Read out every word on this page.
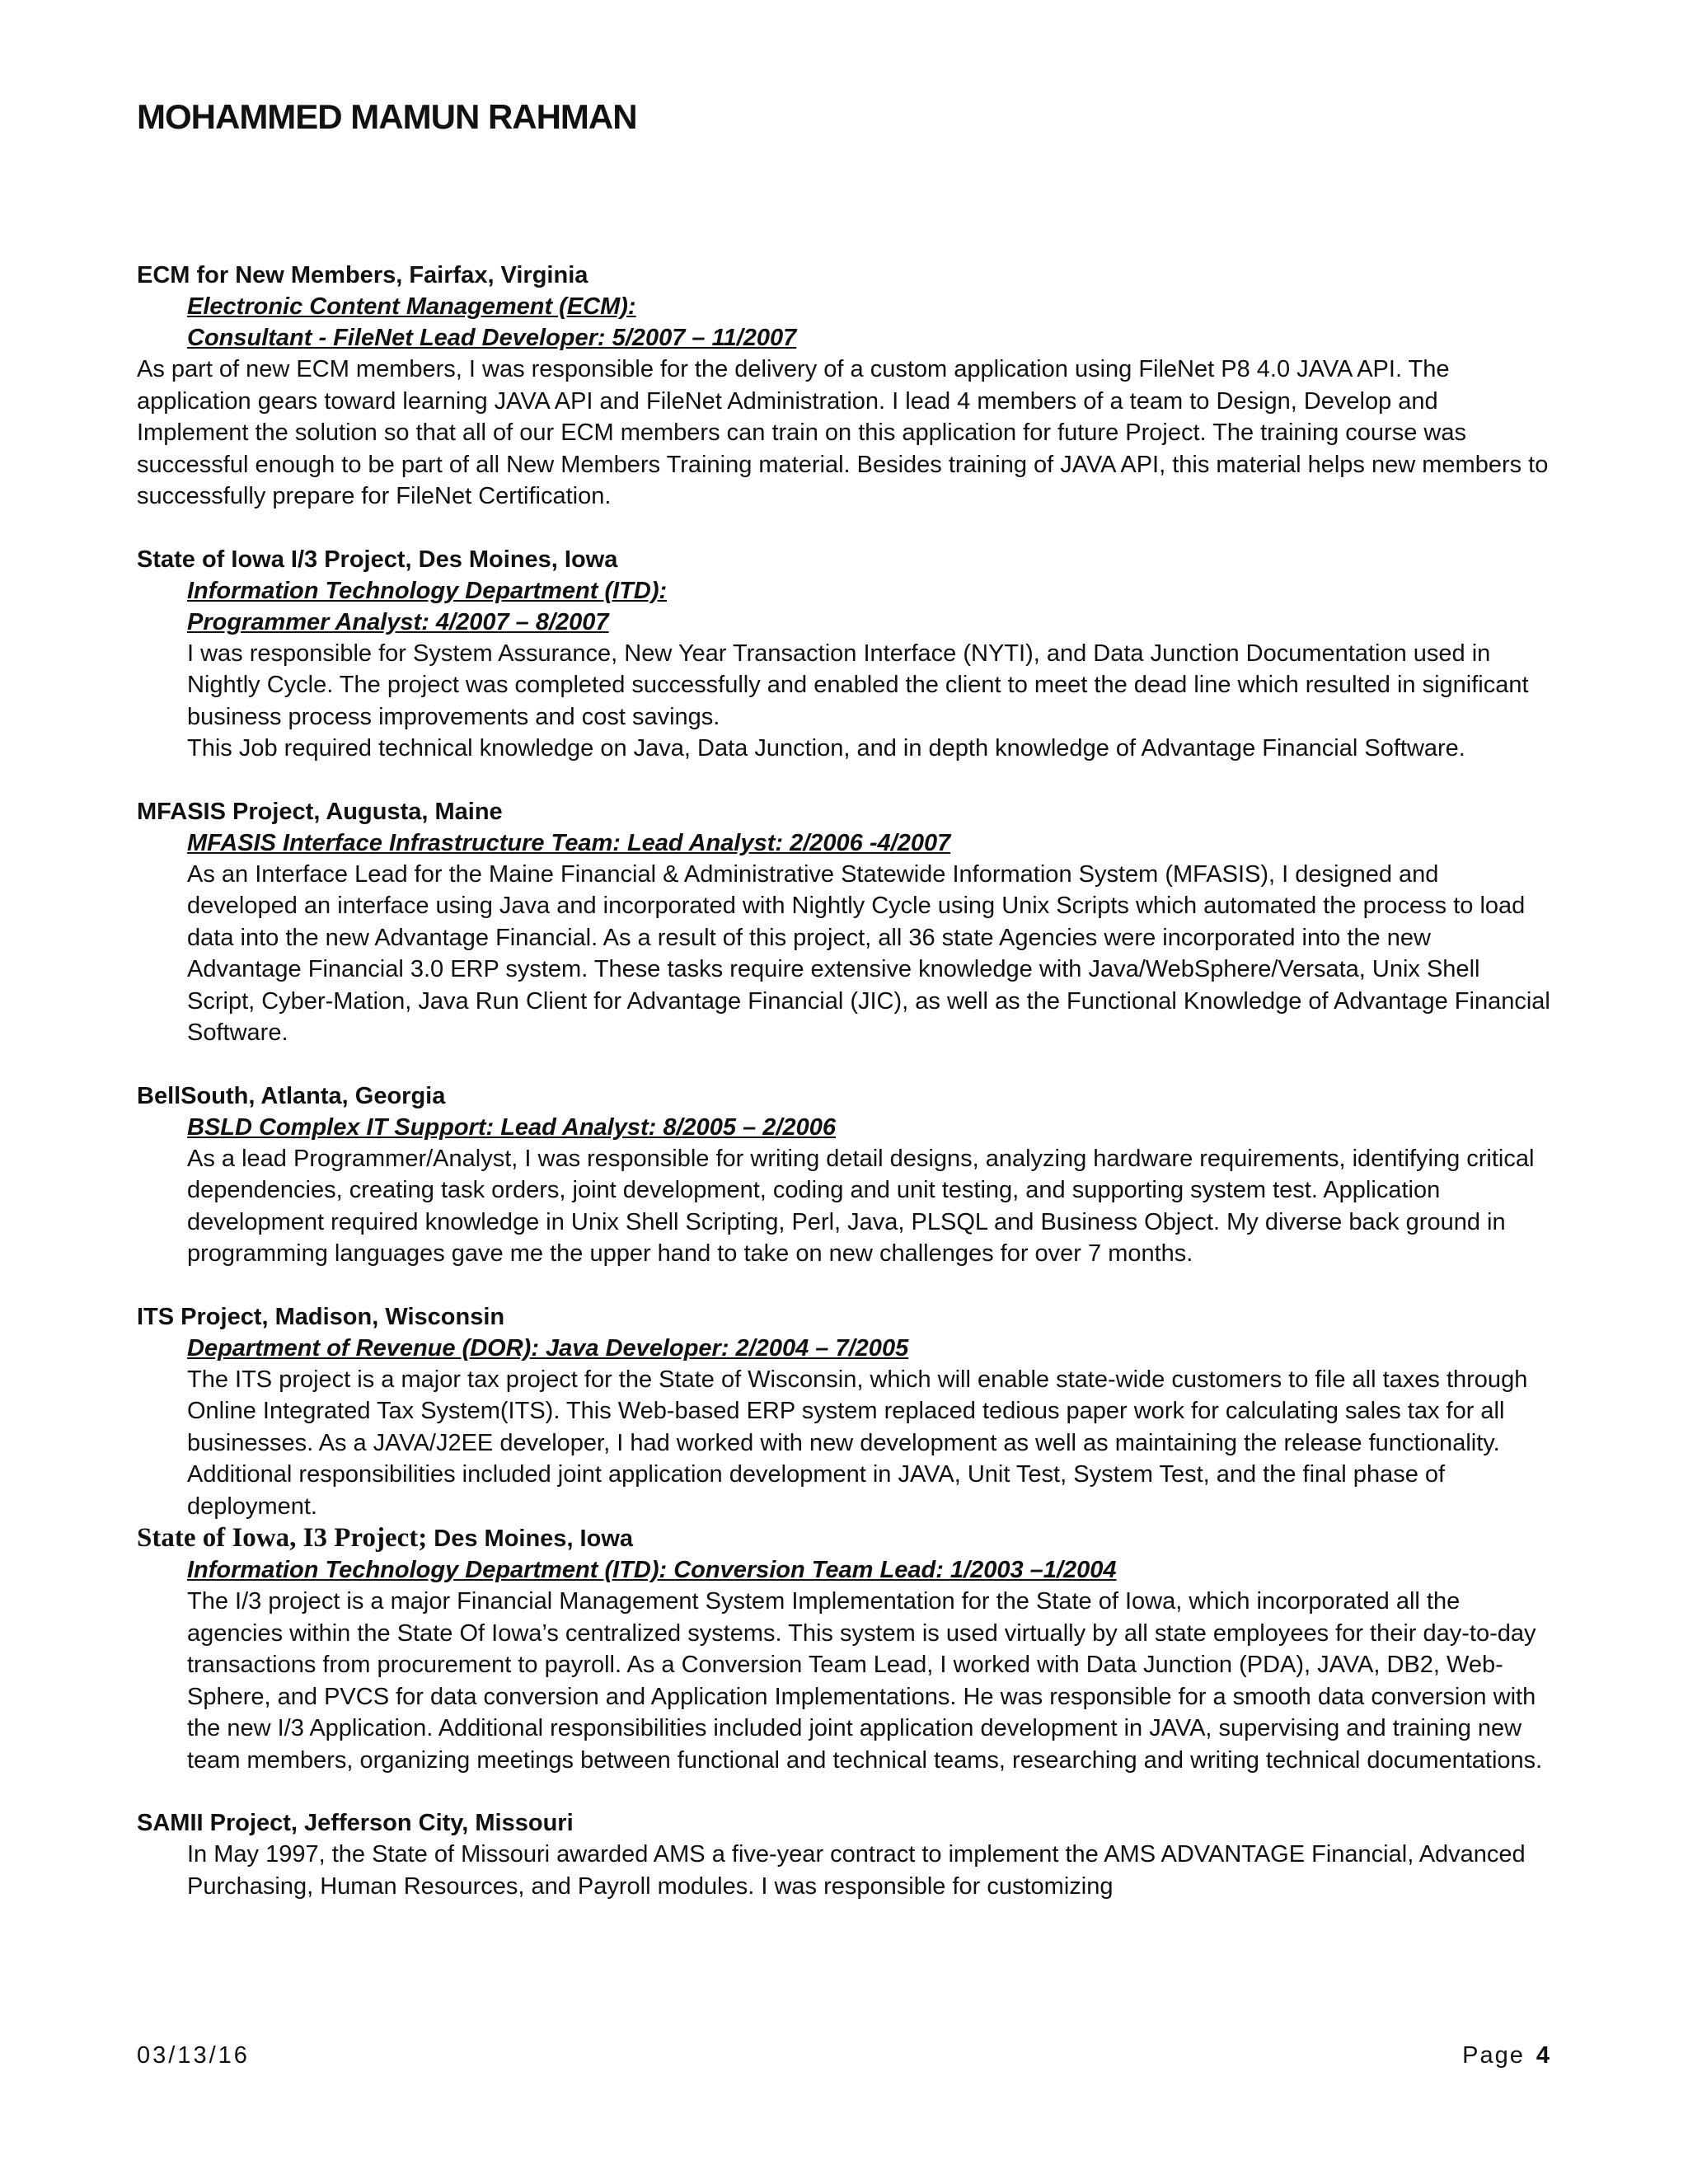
MOHAMMED MAMUN RAHMAN

ECM for New Members, Fairfax, Virginia

Electronic Content Management (ECM):

Consultant - FileNet Lead Developer: 5/2007 – 11/2007

As part of new ECM members, I was responsible for the delivery of a custom application using FileNet P8 4.0 JAVA API. The application gears toward learning JAVA API and FileNet Administration. I lead 4 members of a team to Design, Develop and Implement the solution so that all of our ECM members can train on this application for future Project. The training course was successful enough to be part of all New Members Training material. Besides training of JAVA API, this material helps new members to successfully prepare for FileNet Certification.

State of Iowa I/3 Project, Des Moines, Iowa

Information Technology Department (ITD):

Programmer Analyst: 4/2007 – 8/2007

I was responsible for System Assurance, New Year Transaction Interface (NYTI), and Data Junction Documentation used in Nightly Cycle. The project was completed successfully and enabled the client to meet the dead line which resulted in significant business process improvements and cost savings.

This Job required technical knowledge on Java, Data Junction, and in depth knowledge of Advantage Financial Software.

MFASIS Project, Augusta, Maine

MFASIS Interface Infrastructure Team: Lead Analyst: 2/2006 -4/2007

As an Interface Lead for the Maine Financial & Administrative Statewide Information System (MFASIS), I designed and developed an interface using Java and incorporated with Nightly Cycle using Unix Scripts which automated the process to load data into the new Advantage Financial. As a result of this project, all 36 state Agencies were incorporated into the new Advantage Financial 3.0 ERP system. These tasks require extensive knowledge with Java/WebSphere/Versata, Unix Shell Script, Cyber-Mation, Java Run Client for Advantage Financial (JIC), as well as the Functional Knowledge of Advantage Financial Software.

BellSouth, Atlanta, Georgia

BSLD Complex IT Support: Lead Analyst: 8/2005 – 2/2006

As a lead Programmer/Analyst, I was responsible for writing detail designs, analyzing hardware requirements, identifying critical dependencies, creating task orders, joint development, coding and unit testing, and supporting system test. Application development required knowledge in Unix Shell Scripting, Perl, Java, PLSQL and Business Object. My diverse back ground in programming languages gave me the upper hand to take on new challenges for over 7 months.

ITS Project, Madison, Wisconsin

Department of Revenue (DOR): Java Developer: 2/2004 – 7/2005

The ITS project is a major tax project for the State of Wisconsin, which will enable state-wide customers to file all taxes through Online Integrated Tax System(ITS). This Web-based ERP system replaced tedious paper work for calculating sales tax for all businesses. As a JAVA/J2EE developer, I had worked with new development as well as maintaining the release functionality. Additional responsibilities included joint application development in JAVA, Unit Test, System Test, and the final phase of deployment.

State of Iowa, I3 Project; Des Moines, Iowa

Information Technology Department (ITD): Conversion Team Lead: 1/2003 –1/2004

The I/3 project is a major Financial Management System Implementation for the State of Iowa, which incorporated all the agencies within the State Of Iowa’s centralized systems. This system is used virtually by all state employees for their day-to-day transactions from procurement to payroll. As a Conversion Team Lead, I worked with Data Junction (PDA), JAVA, DB2, Web-Sphere, and PVCS for data conversion and Application Implementations. He was responsible for a smooth data conversion with the new I/3 Application. Additional responsibilities included joint application development in JAVA, supervising and training new team members, organizing meetings between functional and technical teams, researching and writing technical documentations.

SAMII Project, Jefferson City, Missouri

In May 1997, the State of Missouri awarded AMS a five-year contract to implement the AMS ADVANTAGE Financial, Advanced Purchasing, Human Resources, and Payroll modules. I was responsible for customizing

03/13/16	Page 4
